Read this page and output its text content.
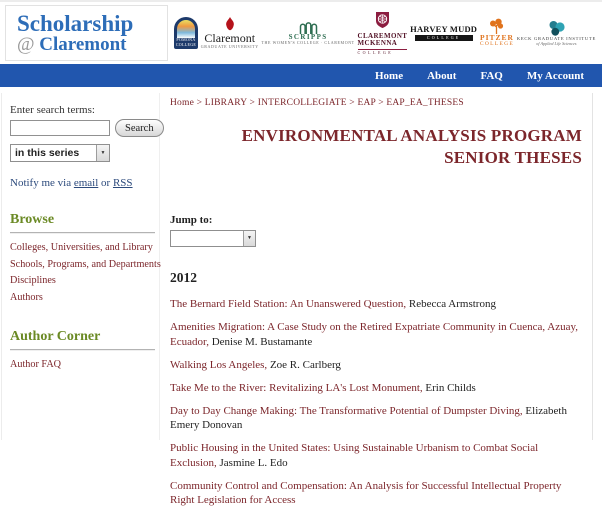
Scholarship
@ Claremont	POMONA COLLEGE Claremont
GRADUATE UNIVERSITY
SCRIPPS
THE WOMEN'S COLLEGE · CLAREMONT
CLAREMONT
MCKENNA
COLLEGE
HARVEY MUDD
COLLEGE	PITZER
COLLEGE
KECK GRADUATE INSTITUTE
of Applied Life Sciences
Home About FAQ My Account
Enter search terms:
Search
in this series	▼
Notify me via email or RSS
Browse
Colleges, Universities, and Library
Schools, Programs, and Departments
Disciplines
Authors
Author Corner
Author FAQ
Home > LIBRARY > INTERCOLLEGIATE > EAP > EAP_EA_THESES
ENVIRONMENTAL ANALYSIS PROGRAM SENIOR THESES
Jump to:
▼
2012

The Bernard Field Station: An Unanswered Question, Rebecca Armstrong

Amenities Migration: A Case Study on the Retired Expatriate Community in Cuenca, Azuay, Ecuador, Denise M. Bustamante

Walking Los Angeles, Zoe R. Carlberg

Take Me to the River: Revitalizing LA's Lost Monument, Erin Childs

Day to Day Change Making: The Transformative Potential of Dumpster Diving, Elizabeth Emery Donovan

Public Housing in the United States: Using Sustainable Urbanism to Combat Social Exclusion, Jasmine L. Edo

Community Control and Compensation: An Analysis for Successful Intellectual Property Right Legislation for Access
